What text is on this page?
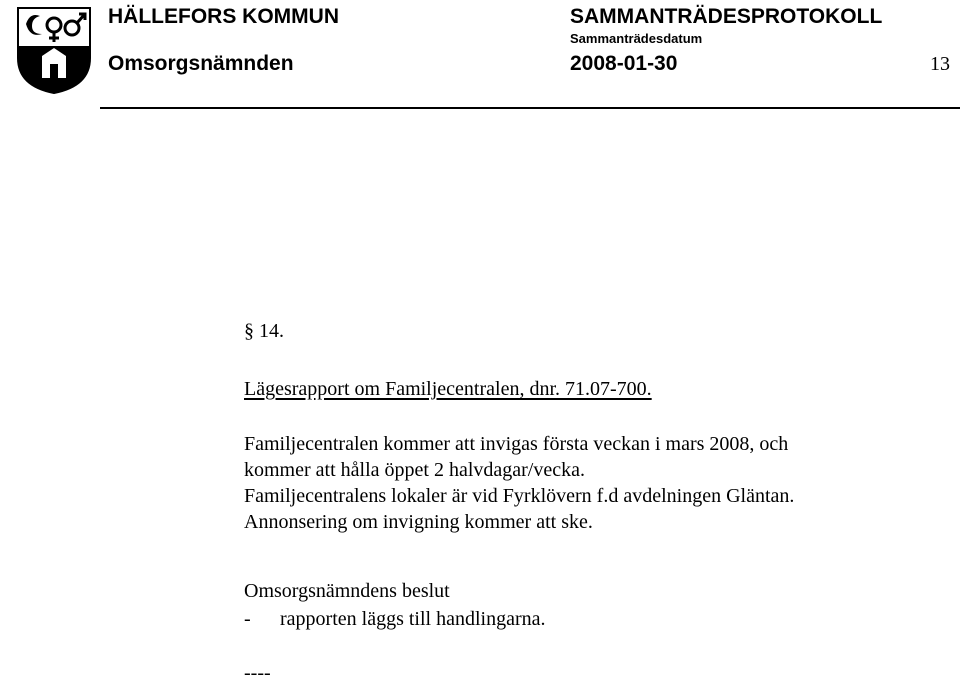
HÄLLEFORS KOMMUN
Omsorgsnämnden
SAMMANTRÄDESPROTOKOLL
Sammanträdesdatum
2008-01-30	13
§ 14.
Lägesrapport om Familjecentralen, dnr. 71.07-700.
Familjecentralen kommer att invigas första veckan i mars 2008, och
kommer att hålla öppet 2 halvdagar/vecka.
Familjecentralens lokaler är vid Fyrklövern f.d avdelningen Gläntan.
Annonsering om invigning kommer att ske.
Omsorgsnämndens beslut
- rapporten läggs till handlingarna.
----
